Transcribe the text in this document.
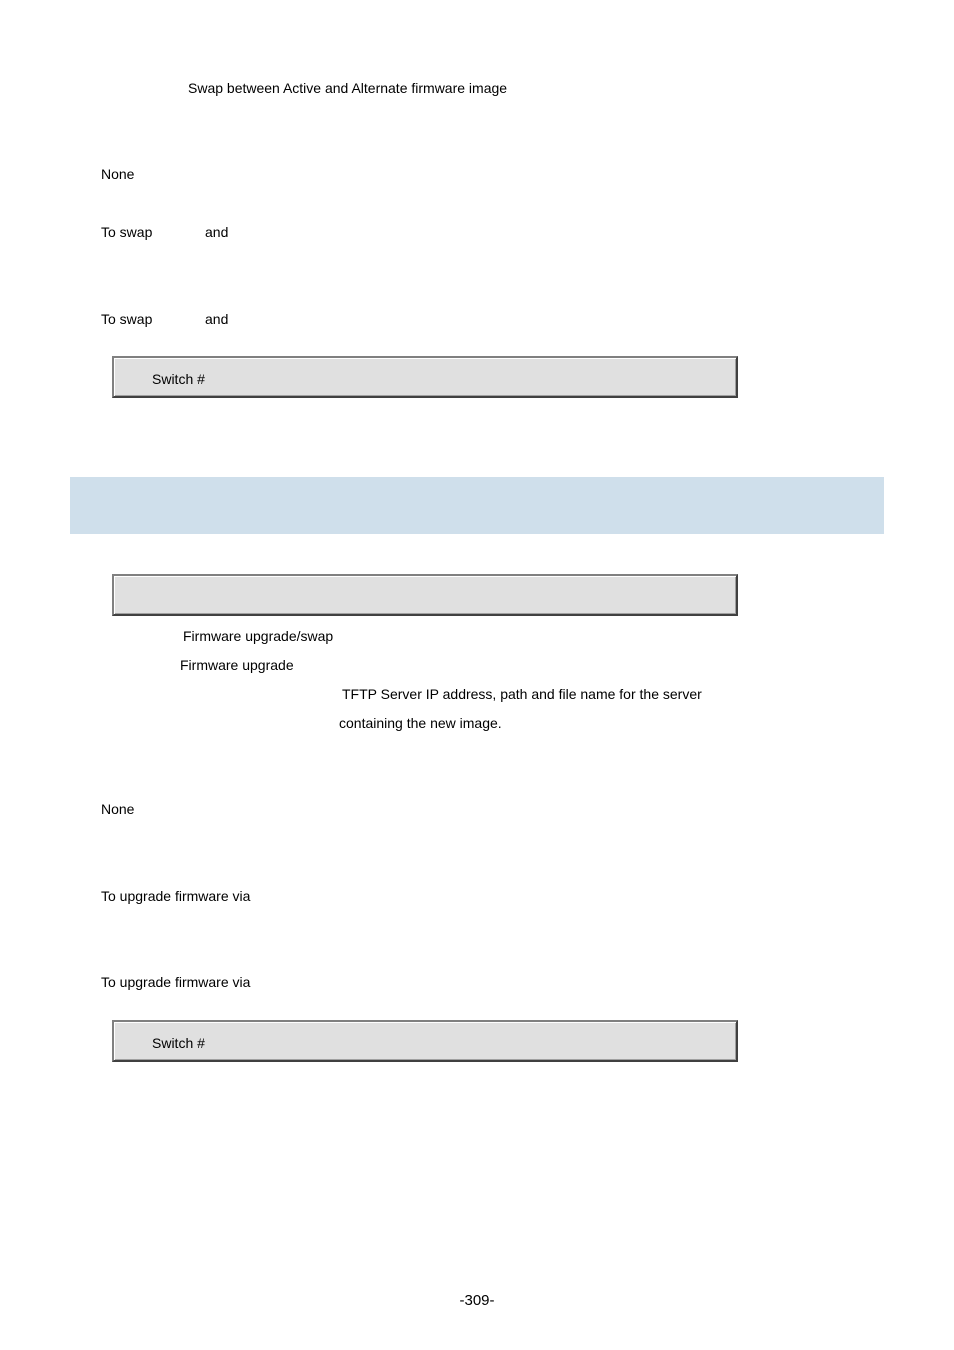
Swap between Active and Alternate firmware image
None
To swap	and
To swap	and
Switch #
Firmware upgrade/swap
Firmware upgrade
TFTP Server IP address, path and file name for the server
containing the new image.
None
To upgrade firmware via
To upgrade firmware via
Switch #
-309-
